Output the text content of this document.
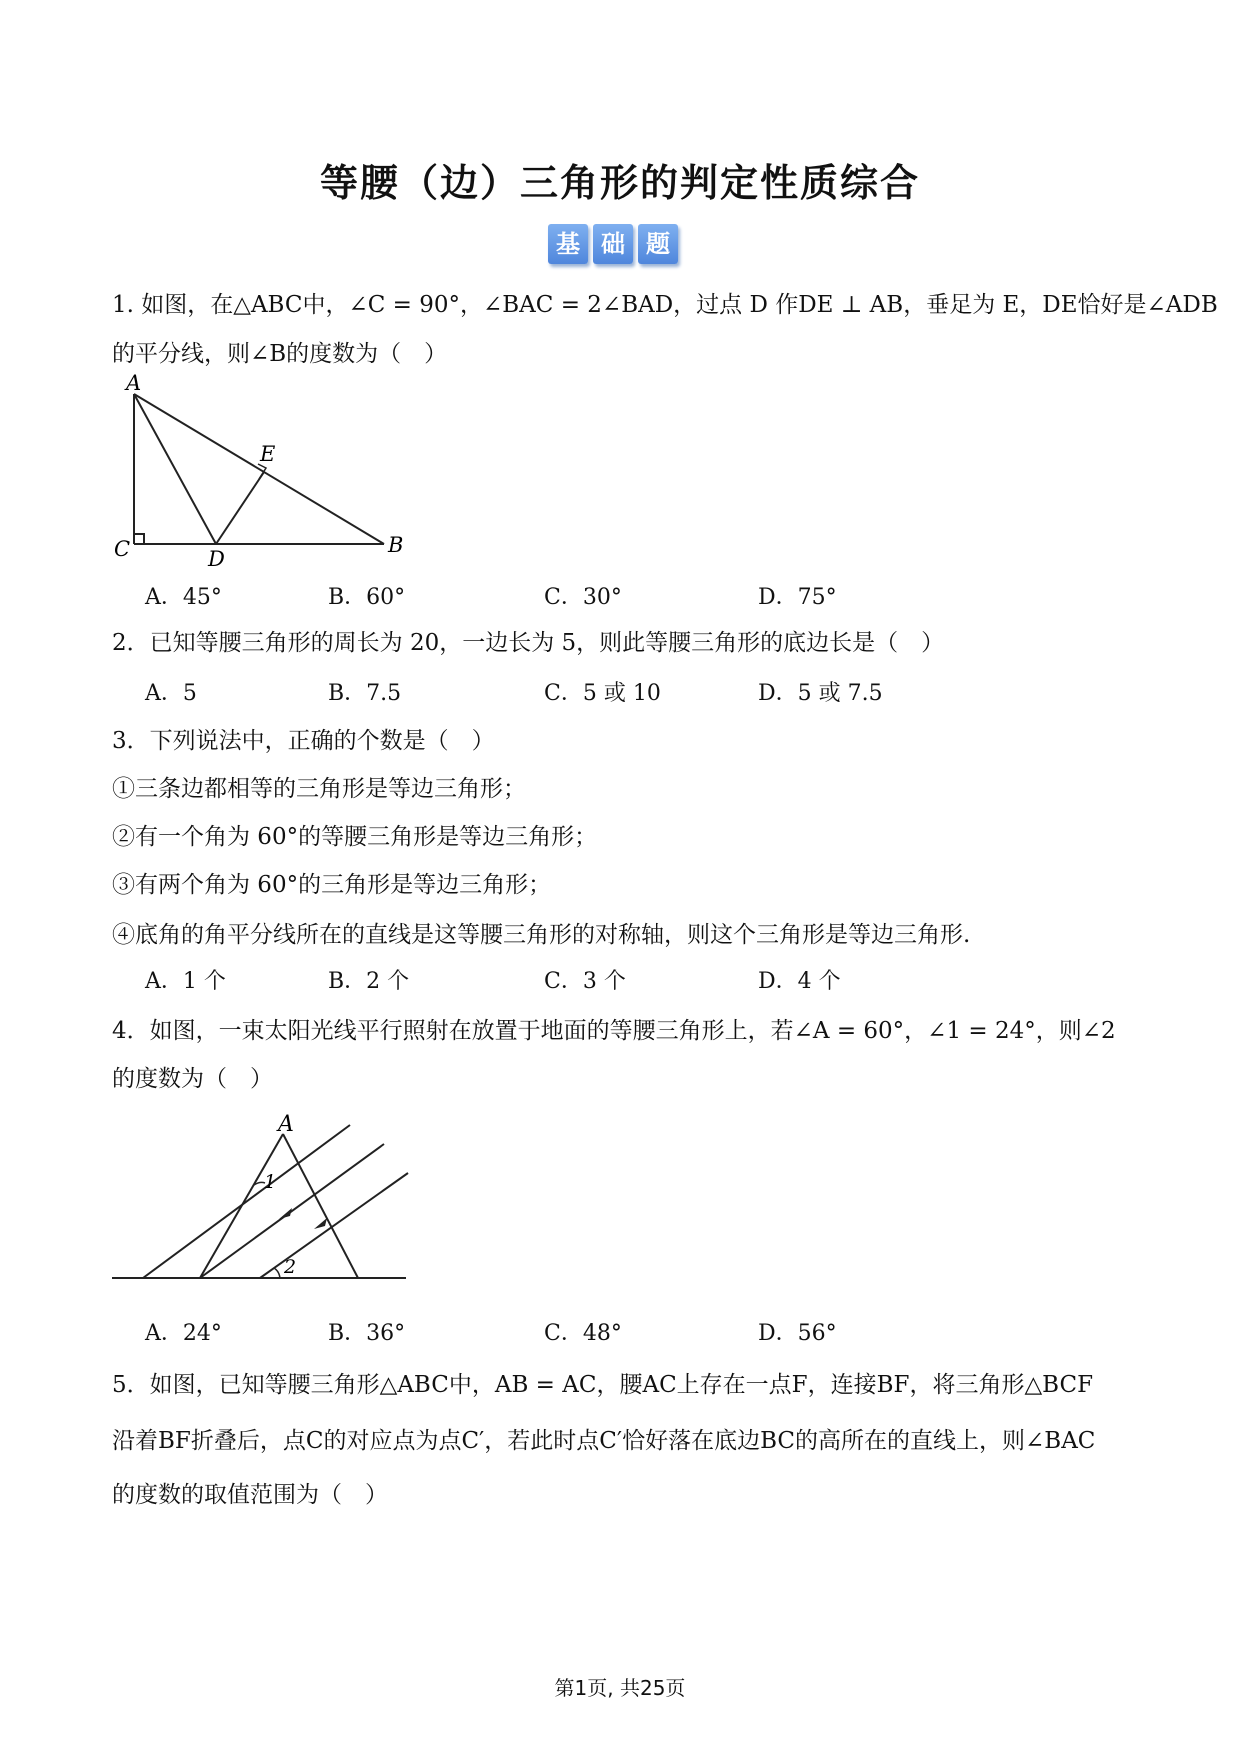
等腰（边）三角形的判定性质综合
基 础 题
1. 如图，在△ABC中，∠C = 90°，∠BAC = 2∠BAD，过点 D 作DE ⊥ AB，垂足为 E，DE恰好是∠ADB
的平分线，则∠B的度数为（　）
A
C	D
E
B
A．45°	B．60°	C．30°	D．75°
2．已知等腰三角形的周长为 20，一边长为 5，则此等腰三角形的底边长是（　）
A．5	B．7.5	C．5 或 10	D．5 或 7.5
3．下列说法中，正确的个数是（　）
①三条边都相等的三角形是等边三角形；
②有一个角为 60°的等腰三角形是等边三角形；
③有两个角为 60°的三角形是等边三角形；
④底角的角平分线所在的直线是这等腰三角形的对称轴，则这个三角形是等边三角形.
A．1 个	B．2 个	C．3 个	D．4 个
4．如图，一束太阳光线平行照射在放置于地面的等腰三角形上，若∠A = 60°，∠1 = 24°，则∠2
的度数为（　）
A
1
2
A．24°	B．36°	C．48°	D．56°
5．如图，已知等腰三角形△ABC中，AB = AC，腰AC上存在一点F，连接BF，将三角形△BCF
沿着BF折叠后，点C的对应点为点C′，若此时点C′恰好落在底边BC的高所在的直线上，则∠BAC
的度数的取值范围为（　）
第1页, 共25页
